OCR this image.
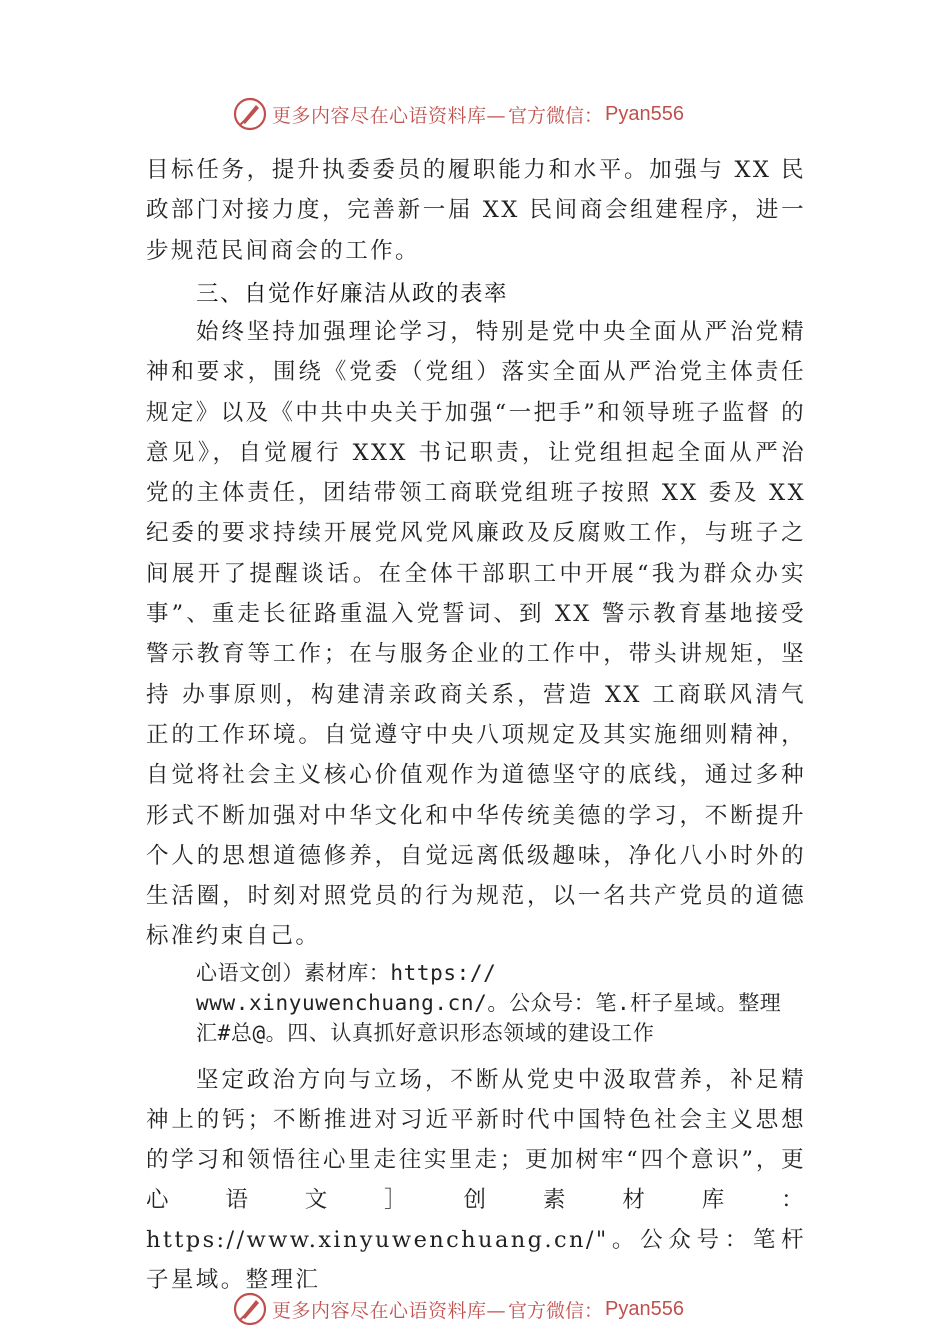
更多内容尽在心语资料库— 官方微信： Pyan556

目标任务，提升执委委员的履职能力和水平。加强与 XX 民政部门对接力度，完善新一届 XX 民间商会组建程序，进一步规范民间商会的工作。

三、自觉作好廉洁从政的表率

始终坚持加强理论学习，特别是党中央全面从严治党精神和要求，围绕《党委（党组）落实全面从严治党主体责任规定》以及《中共中央关于加强“一把手”和领导班子监督 的意见》，自觉履行 XXX 书记职责，让党组担起全面从严治党的主体责任，团结带领工商联党组班子按照 XX 委及 XX 纪委的要求持续开展党风党风廉政及反腐败工作，与班子之间展开了提醒谈话。在全体干部职工中开展“我为群众办实事”、重走长征路重温入党誓词、到 XX 警示教育基地接受警示教育等工作；在与服务企业的工作中，带头讲规矩，坚持 办事原则，构建清亲政商关系，营造 XX 工商联风清气正的工作环境。自觉遵守中央八项规定及其实施细则精神，自觉将社会主义核心价值观作为道德坚守的底线，通过多种形式不断加强对中华文化和中华传统美德的学习，不断提升个人的思想道德修养，自觉远离低级趣味，净化八小时外的生活圈，时刻对照党员的行为规范，以一名共产党员的道德标准约束自己。

心语文创）素材库：https://
www.xinyuwenchuang.cn/。公众号：笔.杆子星域。整理
汇#总@。四、认真抓好意识形态领域的建设工作

坚定政治方向与立场，不断从党史中汲取营养，补足精神上的钙；不断推进对习近平新时代中国特色社会主义思想的学习和领悟往心里走往实里走；更加树牢“四个意识”，更心语文］创素材库：https://www.xinyuwenchuang.cn/"。公众号：笔杆子星域。整理汇

更多内容尽在心语资料库— 官方微信： Pyan556
